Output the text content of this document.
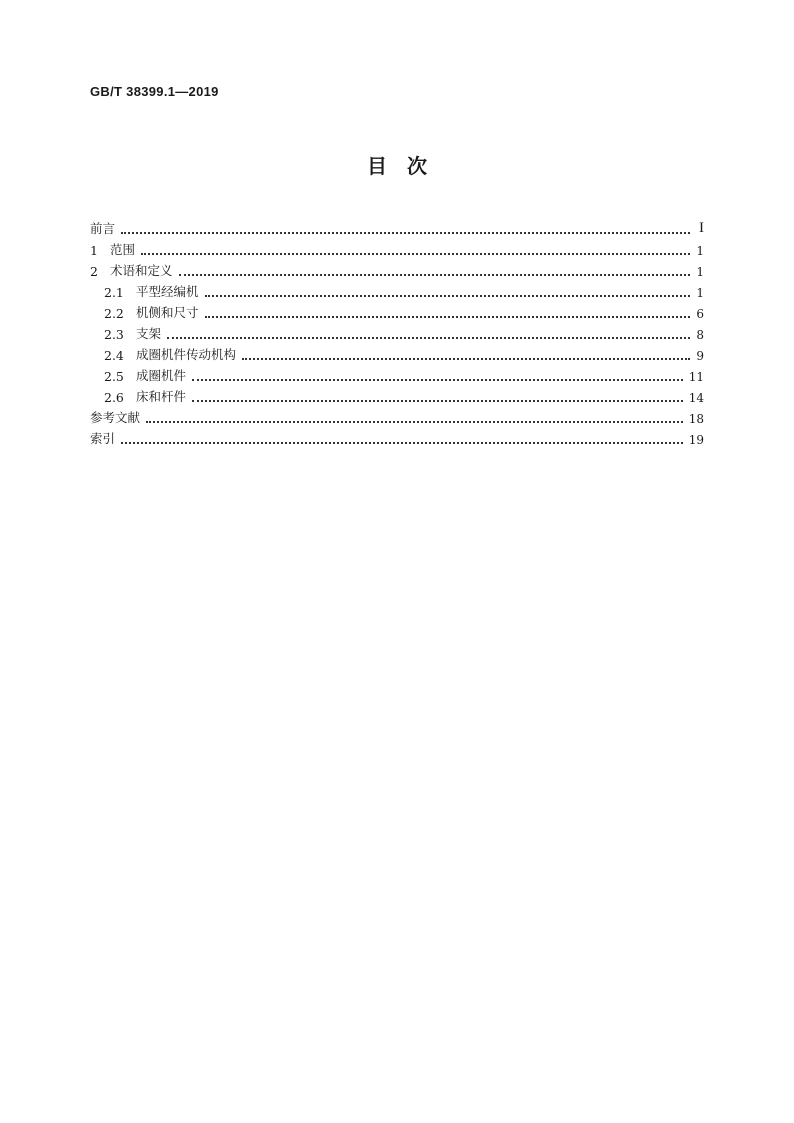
GB/T 38399.1—2019
目　次
前言	I
1 范围	1
2 术语和定义	1
2.1 平型经编机	1
2.2 机侧和尺寸	6
2.3 支架	8
2.4 成圈机件传动机构	9
2.5 成圈机件	11
2.6 床和杆件	14
参考文献	18
索引	19
